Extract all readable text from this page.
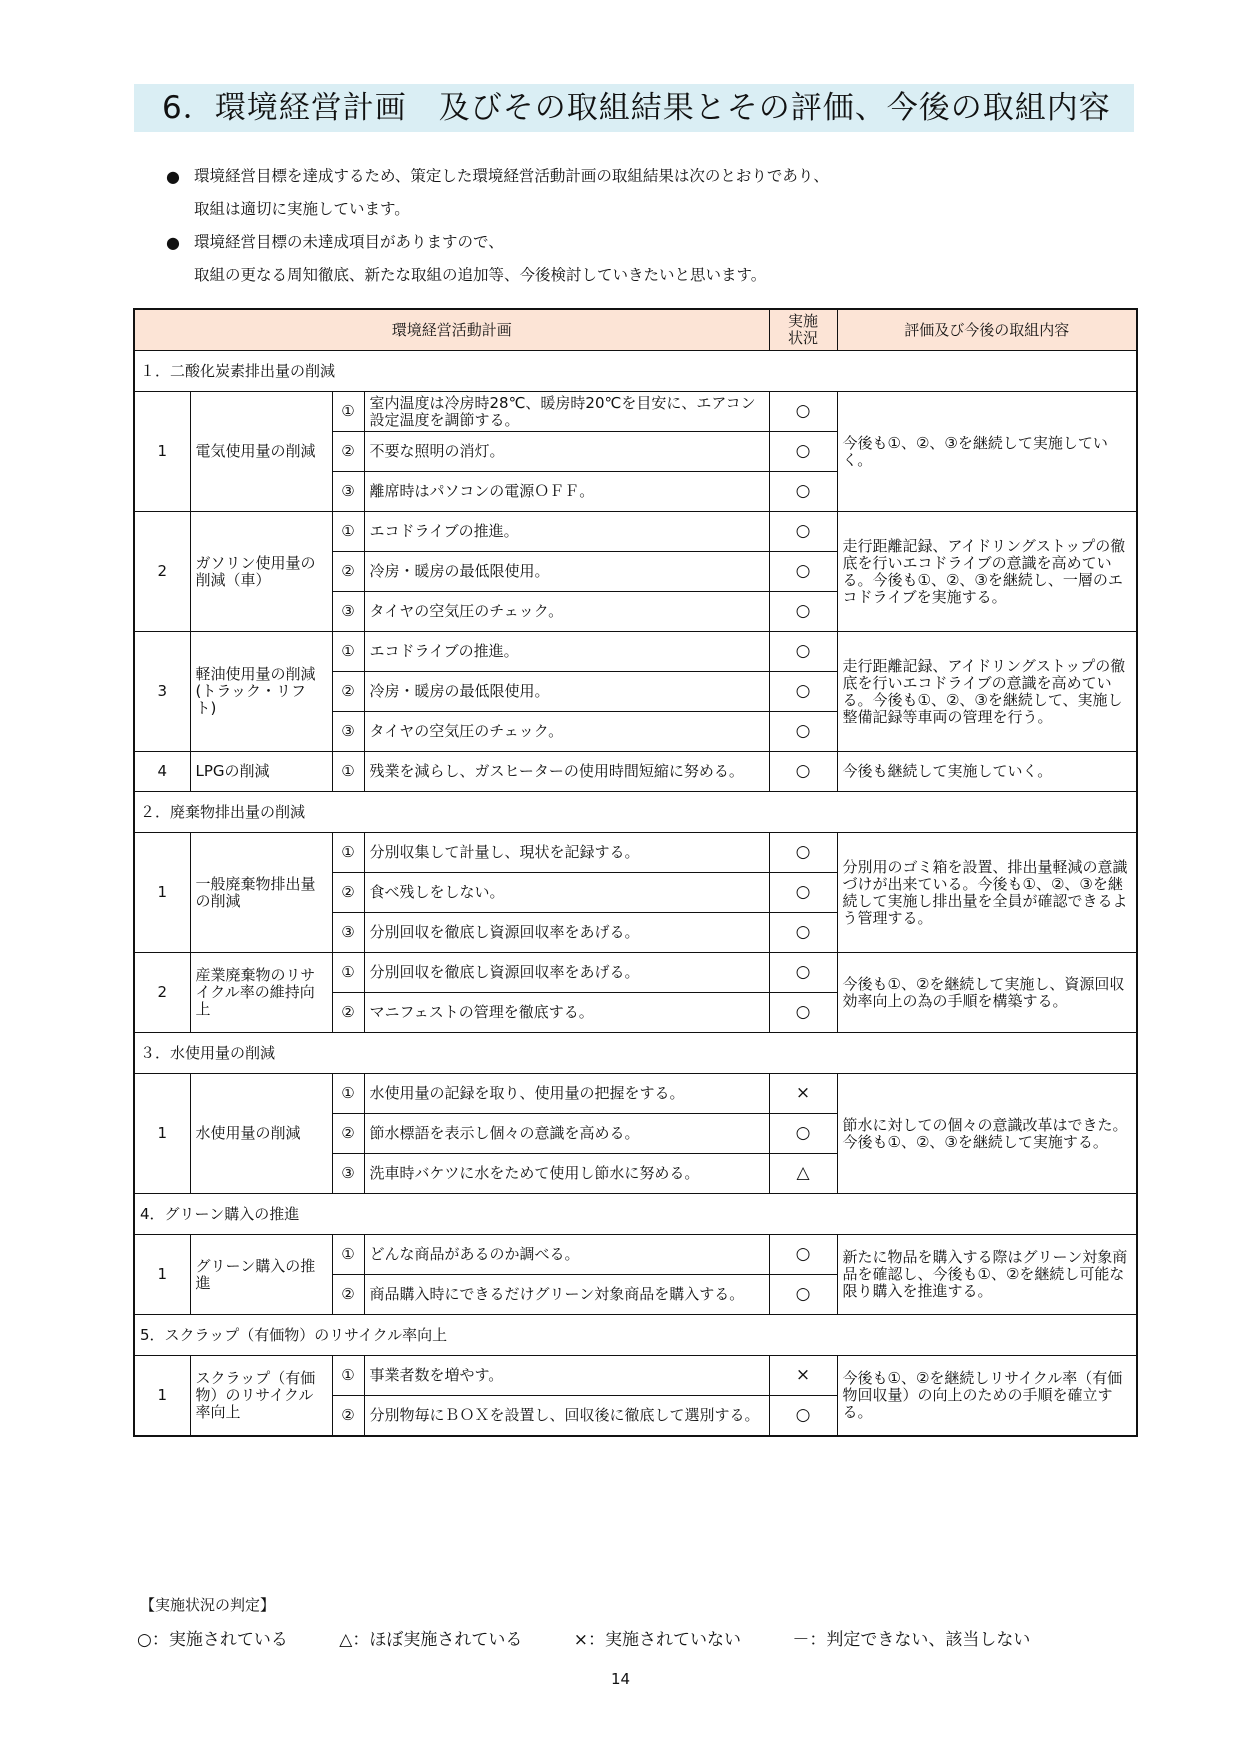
6．環境経営計画　及びその取組結果とその評価、今後の取組内容
● 環境経営目標を達成するため、策定した環境経営活動計画の取組結果は次のとおりであり、
取組は適切に実施しています。
● 環境経営目標の未達成項目がありますので、
取組の更なる周知徹底、新たな取組の追加等、今後検討していきたいと思います。
環境経営活動計画				実施状況	評価及び今後の取組内容
１．二酸化炭素排出量の削減					
1	電気使用量の削減	①	室内温度は冷房時28℃、暖房時20℃を目安に、エアコン設定温度を調節する。	○	今後も①、②、③を継続して実施していく。
		②	不要な照明の消灯。	○	
		③	離席時はパソコンの電源ＯＦＦ。	○	
2	ガソリン使用量の削減（車）	①	エコドライブの推進。	○	走行距離記録、アイドリングストップの徹底を行いエコドライブの意識を高めている。今後も①、②、③を継続し、一層のエコドライブを実施する。
		②	冷房・暖房の最低限使用。	○	
		③	タイヤの空気圧のチェック。	○	
3	軽油使用量の削減(トラック・リフト)	①	エコドライブの推進。	○	走行距離記録、アイドリングストップの徹底を行いエコドライブの意識を高めている。今後も①、②、③を継続して、実施し整備記録等車両の管理を行う。
		②	冷房・暖房の最低限使用。	○	
		③	タイヤの空気圧のチェック。	○	
4	LPGの削減	①	残業を減らし、ガスヒーターの使用時間短縮に努める。	○	今後も継続して実施していく。
２．廃棄物排出量の削減					
1	一般廃棄物排出量の削減	①	分別収集して計量し、現状を記録する。	○	分別用のゴミ箱を設置、排出量軽減の意識づけが出来ている。今後も①、②、③を継続して実施し排出量を全員が確認できるよう管理する。
		②	食べ残しをしない。	○	
		③	分別回収を徹底し資源回収率をあげる。	○	
2	産業廃棄物のリサイクル率の維持向上	①	分別回収を徹底し資源回収率をあげる。	○	今後も①、②を継続して実施し、資源回収効率向上の為の手順を構築する。
		②	マニフェストの管理を徹底する。	○	
３．水使用量の削減					
1	水使用量の削減	①	水使用量の記録を取り、使用量の把握をする。	×	節水に対しての個々の意識改革はできた。今後も①、②、③を継続して実施する。
		②	節水標語を表示し個々の意識を高める。	○	
		③	洗車時バケツに水をためて使用し節水に努める。	△	
4．グリーン購入の推進					
1	グリーン購入の推進	①	どんな商品があるのか調べる。	○	新たに物品を購入する際はグリーン対象商品を確認し、今後も①、②を継続し可能な限り購入を推進する。
		②	商品購入時にできるだけグリーン対象商品を購入する。	○	
5．スクラップ（有価物）のリサイクル率向上					
1	スクラップ（有価物）のリサイクル率向上	①	事業者数を増やす。	×	今後も①、②を継続しリサイクル率（有価物回収量）の向上のための手順を確立する。
		②	分別物毎にＢＯＸを設置し、回収後に徹底して選別する。	○	
【実施状況の判定】
○：実施されている	△：ほぼ実施されている	×：実施されていない	－：判定できない、該当しない
14
